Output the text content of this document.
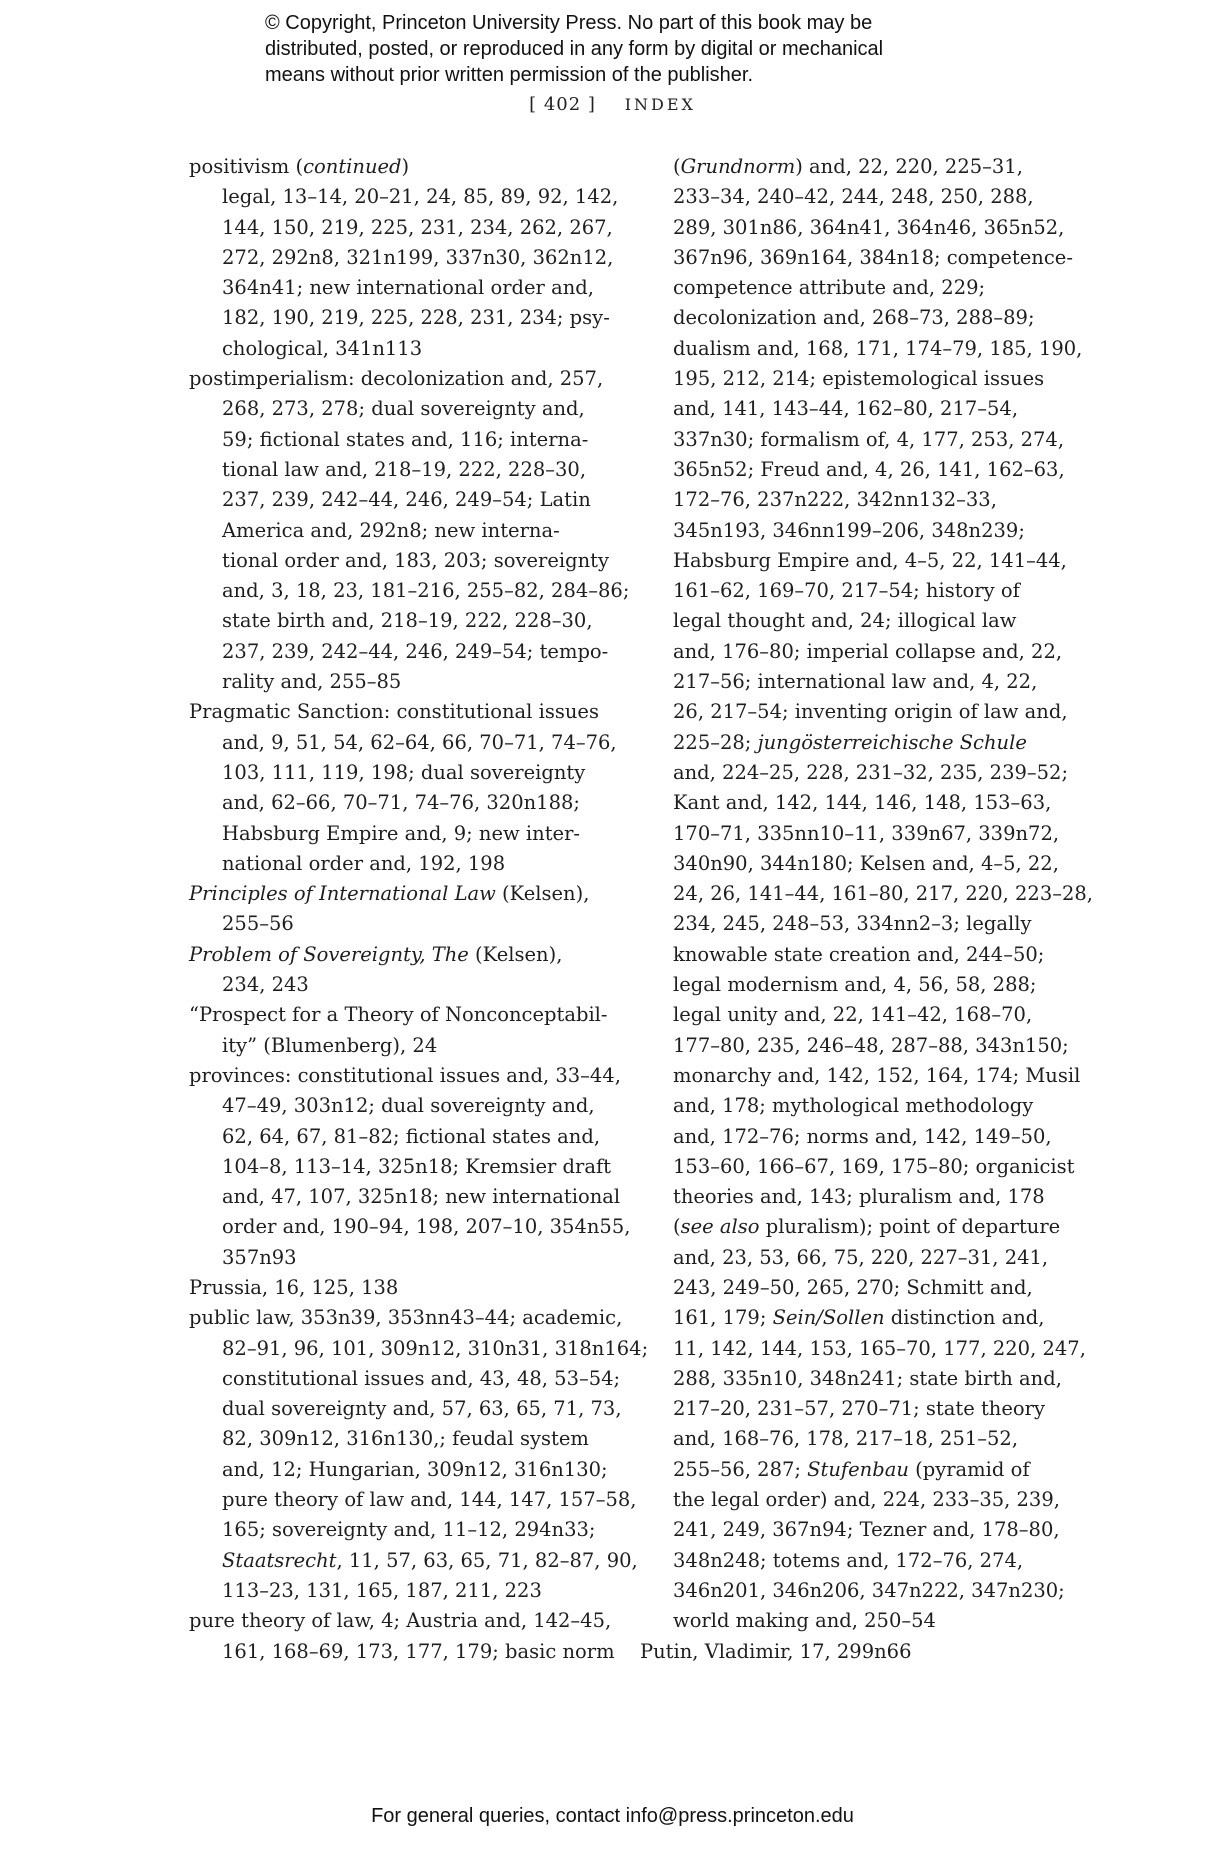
© Copyright, Princeton University Press. No part of this book may be
distributed, posted, or reproduced in any form by digital or mechanical
means without prior written permission of the publisher.
[ 402 ] INDEX
positivism (continued)
legal, 13–14, 20–21, 24, 85, 89, 92, 142,
144, 150, 219, 225, 231, 234, 262, 267,
272, 292n8, 321n199, 337n30, 362n12,
364n41; new international order and,
182, 190, 219, 225, 228, 231, 234; psy-
chological, 341n113
postimperialism: decolonization and, 257,
268, 273, 278; dual sovereignty and,
59; fictional states and, 116; interna-
tional law and, 218–19, 222, 228–30,
237, 239, 242–44, 246, 249–54; Latin
America and, 292n8; new interna-
tional order and, 183, 203; sovereignty
and, 3, 18, 23, 181–216, 255–82, 284–86;
state birth and, 218–19, 222, 228–30,
237, 239, 242–44, 246, 249–54; tempo-
rality and, 255–85
Pragmatic Sanction: constitutional issues
and, 9, 51, 54, 62–64, 66, 70–71, 74–76,
103, 111, 119, 198; dual sovereignty
and, 62–66, 70–71, 74–76, 320n188;
Habsburg Empire and, 9; new inter-
national order and, 192, 198
Principles of International Law (Kelsen),
255–56
Problem of Sovereignty, The (Kelsen),
234, 243
“Prospect for a Theory of Nonconceptabil-
ity” (Blumenberg), 24
provinces: constitutional issues and, 33–44,
47–49, 303n12; dual sovereignty and,
62, 64, 67, 81–82; fictional states and,
104–8, 113–14, 325n18; Kremsier draft
and, 47, 107, 325n18; new international
order and, 190–94, 198, 207–10, 354n55,
357n93
Prussia, 16, 125, 138
public law, 353n39, 353nn43–44; academic,
82–91, 96, 101, 309n12, 310n31, 318n164;
constitutional issues and, 43, 48, 53–54;
dual sovereignty and, 57, 63, 65, 71, 73,
82, 309n12, 316n130,; feudal system
and, 12; Hungarian, 309n12, 316n130;
pure theory of law and, 144, 147, 157–58,
165; sovereignty and, 11–12, 294n33;
Staatsrecht, 11, 57, 63, 65, 71, 82–87, 90,
113–23, 131, 165, 187, 211, 223
pure theory of law, 4; Austria and, 142–45,
161, 168–69, 173, 177, 179; basic norm
(Grundnorm) and, 22, 220, 225–31,
233–34, 240–42, 244, 248, 250, 288,
289, 301n86, 364n41, 364n46, 365n52,
367n96, 369n164, 384n18; competence-
competence attribute and, 229;
decolonization and, 268–73, 288–89;
dualism and, 168, 171, 174–79, 185, 190,
195, 212, 214; epistemological issues
and, 141, 143–44, 162–80, 217–54,
337n30; formalism of, 4, 177, 253, 274,
365n52; Freud and, 4, 26, 141, 162–63,
172–76, 237n222, 342nn132–33,
345n193, 346nn199–206, 348n239;
Habsburg Empire and, 4–5, 22, 141–44,
161–62, 169–70, 217–54; history of
legal thought and, 24; illogical law
and, 176–80; imperial collapse and, 22,
217–56; international law and, 4, 22,
26, 217–54; inventing origin of law and,
225–28; jungösterreichische Schule
and, 224–25, 228, 231–32, 235, 239–52;
Kant and, 142, 144, 146, 148, 153–63,
170–71, 335nn10–11, 339n67, 339n72,
340n90, 344n180; Kelsen and, 4–5, 22,
24, 26, 141–44, 161–80, 217, 220, 223–28,
234, 245, 248–53, 334nn2–3; legally
knowable state creation and, 244–50;
legal modernism and, 4, 56, 58, 288;
legal unity and, 22, 141–42, 168–70,
177–80, 235, 246–48, 287–88, 343n150;
monarchy and, 142, 152, 164, 174; Musil
and, 178; mythological methodology
and, 172–76; norms and, 142, 149–50,
153–60, 166–67, 169, 175–80; organicist
theories and, 143; pluralism and, 178
(see also pluralism); point of departure
and, 23, 53, 66, 75, 220, 227–31, 241,
243, 249–50, 265, 270; Schmitt and,
161, 179; Sein/Sollen distinction and,
11, 142, 144, 153, 165–70, 177, 220, 247,
288, 335n10, 348n241; state birth and,
217–20, 231–57, 270–71; state theory
and, 168–76, 178, 217–18, 251–52,
255–56, 287; Stufenbau (pyramid of
the legal order) and, 224, 233–35, 239,
241, 249, 367n94; Tezner and, 178–80,
348n248; totems and, 172–76, 274,
346n201, 346n206, 347n222, 347n230;
world making and, 250–54
Putin, Vladimir, 17, 299n66
For general queries, contact info@press.princeton.edu
